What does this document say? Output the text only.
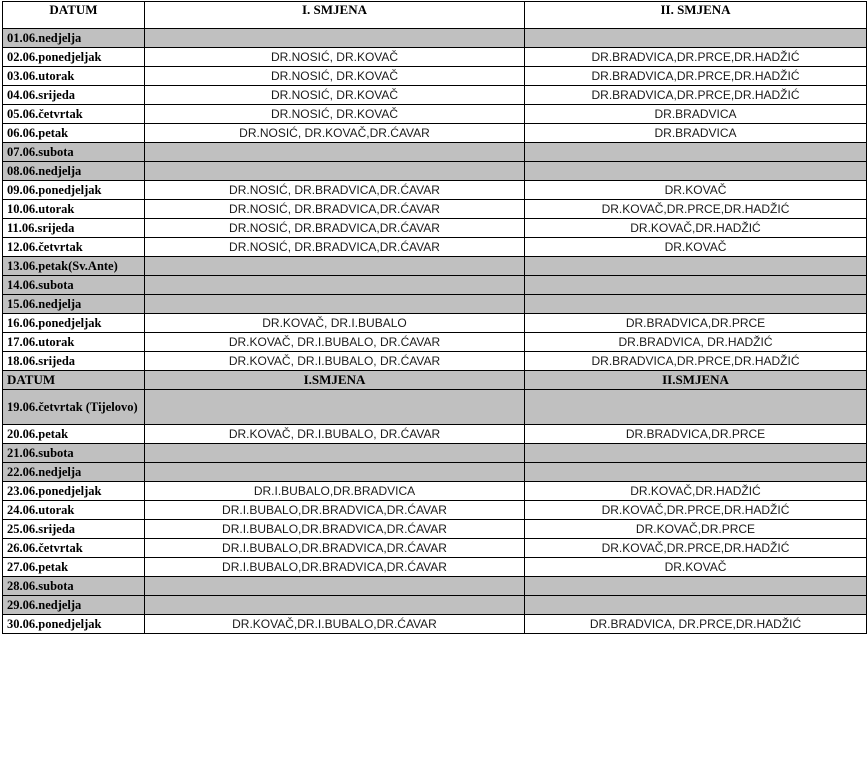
DATUM	I. SMJENA	II. SMJENA
01.06.nedjelja		
02.06.ponedjeljak	DR.NOSIĆ, DR.KOVAČ	DR.BRADVICA,DR.PRCE,DR.HADŽIĆ
03.06.utorak	DR.NOSIĆ, DR.KOVAČ	DR.BRADVICA,DR.PRCE,DR.HADŽIĆ
04.06.srijeda	DR.NOSIĆ, DR.KOVAČ	DR.BRADVICA,DR.PRCE,DR.HADŽIĆ
05.06.četvrtak	DR.NOSIĆ, DR.KOVAČ	DR.BRADVICA
06.06.petak	DR.NOSIĆ, DR.KOVAČ,DR.ĆAVAR	DR.BRADVICA
07.06.subota		
08.06.nedjelja		
09.06.ponedjeljak	DR.NOSIĆ, DR.BRADVICA,DR.ĆAVAR	DR.KOVAČ
10.06.utorak	DR.NOSIĆ, DR.BRADVICA,DR.ĆAVAR	DR.KOVAČ,DR.PRCE,DR.HADŽIĆ
11.06.srijeda	DR.NOSIĆ, DR.BRADVICA,DR.ĆAVAR	DR.KOVAČ,DR.HADŽIĆ
12.06.četvrtak	DR.NOSIĆ, DR.BRADVICA,DR.ĆAVAR	DR.KOVAČ
13.06.petak(Sv.Ante)		
14.06.subota		
15.06.nedjelja		
16.06.ponedjeljak	DR.KOVAČ, DR.I.BUBALO	DR.BRADVICA,DR.PRCE
17.06.utorak	DR.KOVAČ, DR.I.BUBALO, DR.ĆAVAR	DR.BRADVICA, DR.HADŽIĆ
18.06.srijeda	DR.KOVAČ, DR.I.BUBALO, DR.ĆAVAR	DR.BRADVICA,DR.PRCE,DR.HADŽIĆ
DATUM	I.SMJENA	II.SMJENA
19.06.četvrtak (Tijelovo)		
20.06.petak	DR.KOVAČ, DR.I.BUBALO, DR.ĆAVAR	DR.BRADVICA,DR.PRCE
21.06.subota		
22.06.nedjelja		
23.06.ponedjeljak	DR.I.BUBALO,DR.BRADVICA	DR.KOVAČ,DR.HADŽIĆ
24.06.utorak	DR.I.BUBALO,DR.BRADVICA,DR.ĆAVAR	DR.KOVAČ,DR.PRCE,DR.HADŽIĆ
25.06.srijeda	DR.I.BUBALO,DR.BRADVICA,DR.ĆAVAR	DR.KOVAČ,DR.PRCE
26.06.četvrtak	DR.I.BUBALO,DR.BRADVICA,DR.ĆAVAR	DR.KOVAČ,DR.PRCE,DR.HADŽIĆ
27.06.petak	DR.I.BUBALO,DR.BRADVICA,DR.ĆAVAR	DR.KOVAČ
28.06.subota		
29.06.nedjelja		
30.06.ponedjeljak	DR.KOVAČ,DR.I.BUBALO,DR.ĆAVAR	DR.BRADVICA, DR.PRCE,DR.HADŽIĆ
